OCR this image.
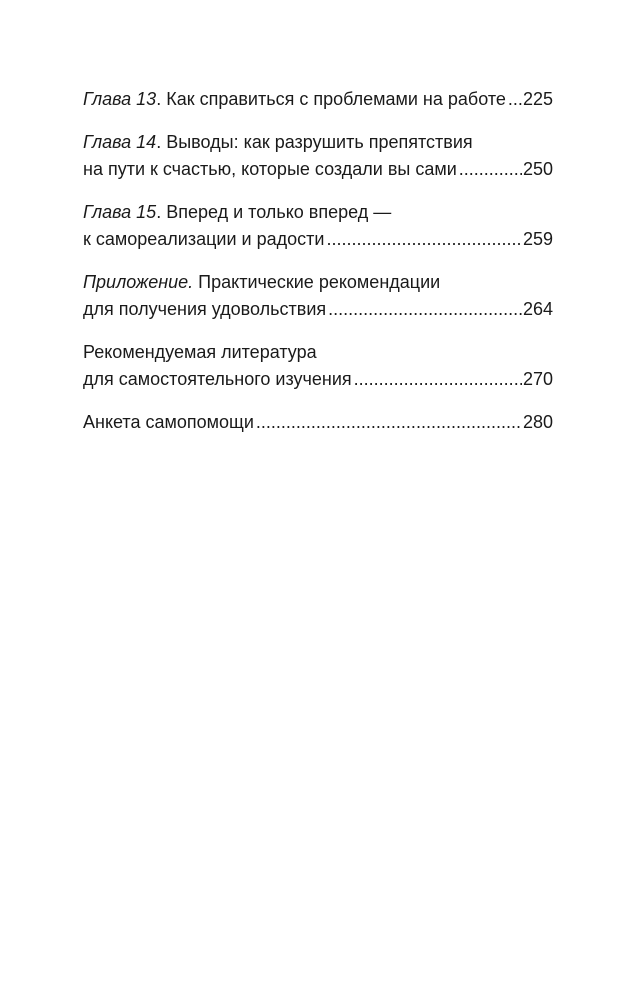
Глава 13 . Как справиться с проблемами на работе ..... 225
Глава 14 . Выводы: как разрушить препятствия
на пути к счастью, которые создали вы сами .....	250
Глава 15 . Вперед и только вперед —
к самореализации и радости .....	259
Приложение. Практические рекомендации
для получения удовольствия .....	264
Рекомендуемая литература
для самостоятельного изучения .....	270
Анкета самопомощи .....	280
